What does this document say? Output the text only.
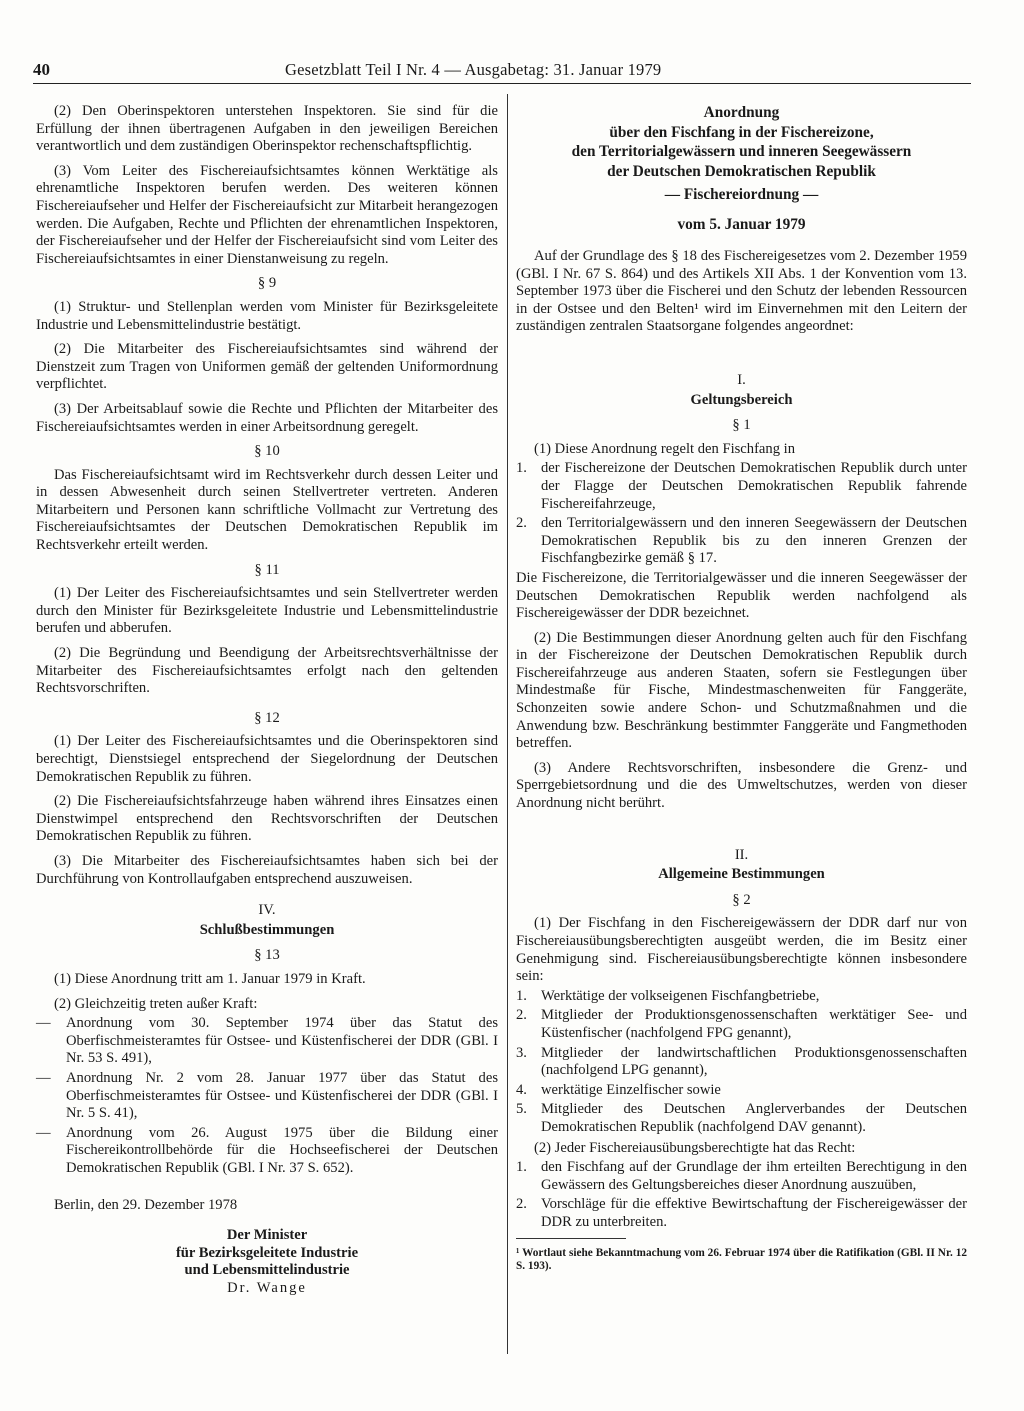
40	Gesetzblatt Teil I Nr. 4 — Ausgabetag: 31. Januar 1979

(2) Den Oberinspektoren unterstehen Inspektoren. Sie sind für die Erfüllung der ihnen übertragenen Aufgaben in den jeweiligen Bereichen verantwortlich und dem zuständigen Oberinspektor rechenschaftspflichtig.

(3) Vom Leiter des Fischereiaufsichtsamtes können Werktätige als ehrenamtliche Inspektoren berufen werden. Des weiteren können Fischereiaufseher und Helfer der Fischereiaufsicht zur Mitarbeit herangezogen werden. Die Aufgaben, Rechte und Pflichten der ehrenamtlichen Inspektoren, der Fischereiaufseher und der Helfer der Fischereiaufsicht sind vom Leiter des Fischereiaufsichtsamtes in einer Dienstanweisung zu regeln.

§ 9

(1) Struktur- und Stellenplan werden vom Minister für Bezirksgeleitete Industrie und Lebensmittelindustrie bestätigt.

(2) Die Mitarbeiter des Fischereiaufsichtsamtes sind während der Dienstzeit zum Tragen von Uniformen gemäß der geltenden Uniformordnung verpflichtet.

(3) Der Arbeitsablauf sowie die Rechte und Pflichten der Mitarbeiter des Fischereiaufsichtsamtes werden in einer Arbeitsordnung geregelt.

§ 10

Das Fischereiaufsichtsamt wird im Rechtsverkehr durch dessen Leiter und in dessen Abwesenheit durch seinen Stellvertreter vertreten. Anderen Mitarbeitern und Personen kann schriftliche Vollmacht zur Vertretung des Fischereiaufsichtsamtes der Deutschen Demokratischen Republik im Rechtsverkehr erteilt werden.

§ 11

(1) Der Leiter des Fischereiaufsichtsamtes und sein Stellvertreter werden durch den Minister für Bezirksgeleitete Industrie und Lebensmittelindustrie berufen und abberufen.

(2) Die Begründung und Beendigung der Arbeitsrechtsverhältnisse der Mitarbeiter des Fischereiaufsichtsamtes erfolgt nach den geltenden Rechtsvorschriften.

§ 12

(1) Der Leiter des Fischereiaufsichtsamtes und die Oberinspektoren sind berechtigt, Dienstsiegel entsprechend der Siegelordnung der Deutschen Demokratischen Republik zu führen.

(2) Die Fischereiaufsichtsfahrzeuge haben während ihres Einsatzes einen Dienstwimpel entsprechend den Rechtsvorschriften der Deutschen Demokratischen Republik zu führen.

(3) Die Mitarbeiter des Fischereiaufsichtsamtes haben sich bei der Durchführung von Kontrollaufgaben entsprechend auszuweisen.

IV.

Schlußbestimmungen

§ 13

(1) Diese Anordnung tritt am 1. Januar 1979 in Kraft.

(2) Gleichzeitig treten außer Kraft:

— Anordnung vom 30. September 1974 über das Statut des Oberfischmeisteramtes für Ostsee- und Küstenfischerei der DDR (GBl. I Nr. 53 S. 491),
— Anordnung Nr. 2 vom 28. Januar 1977 über das Statut des Oberfischmeisteramtes für Ostsee- und Küstenfischerei der DDR (GBl. I Nr. 5 S. 41),
— Anordnung vom 26. August 1975 über die Bildung einer Fischereikontrollbehörde für die Hochseefischerei der Deutschen Demokratischen Republik (GBl. I Nr. 37 S. 652).

Berlin, den 29. Dezember 1978

Der Minister

für Bezirksgeleitete Industrie

und Lebensmittelindustrie

Dr. Wange

Anordnung

über den Fischfang in der Fischereizone,

den Territorialgewässern und inneren Seegewässern

der Deutschen Demokratischen Republik

— Fischereiordnung —

vom 5. Januar 1979

Auf der Grundlage des § 18 des Fischereigesetzes vom 2. Dezember 1959 (GBl. I Nr. 67 S. 864) und des Artikels XII Abs. 1 der Konvention vom 13. September 1973 über die Fischerei und den Schutz der lebenden Ressourcen in der Ostsee und den Belten¹ wird im Einvernehmen mit den Leitern der zuständigen zentralen Staatsorgane folgendes angeordnet:

I.

Geltungsbereich

§ 1

(1) Diese Anordnung regelt den Fischfang in

1. der Fischereizone der Deutschen Demokratischen Republik durch unter der Flagge der Deutschen Demokratischen Republik fahrende Fischereifahrzeuge,
2. den Territorialgewässern und den inneren Seegewässern der Deutschen Demokratischen Republik bis zu den inneren Grenzen der Fischfangbezirke gemäß § 17.

Die Fischereizone, die Territorialgewässer und die inneren Seegewässer der Deutschen Demokratischen Republik werden nachfolgend als Fischereigewässer der DDR bezeichnet.

(2) Die Bestimmungen dieser Anordnung gelten auch für den Fischfang in der Fischereizone der Deutschen Demokratischen Republik durch Fischereifahrzeuge aus anderen Staaten, sofern sie Festlegungen über Mindestmaße für Fische, Mindestmaschenweiten für Fanggeräte, Schonzeiten sowie andere Schon- und Schutzmaßnahmen und die Anwendung bzw. Beschränkung bestimmter Fanggeräte und Fangmethoden betreffen.

(3) Andere Rechtsvorschriften, insbesondere die Grenz- und Sperrgebietsordnung und die des Umweltschutzes, werden von dieser Anordnung nicht berührt.

II.

Allgemeine Bestimmungen

§ 2

(1) Der Fischfang in den Fischereigewässern der DDR darf nur von Fischereiausübungsberechtigten ausgeübt werden, die im Besitz einer Genehmigung sind. Fischereiausübungsberechtigte können insbesondere sein:

1. Werktätige der volkseigenen Fischfangbetriebe,
2. Mitglieder der Produktionsgenossenschaften werktätiger See- und Küstenfischer (nachfolgend FPG genannt),
3. Mitglieder der landwirtschaftlichen Produktionsgenossenschaften (nachfolgend LPG genannt),
4. werktätige Einzelfischer sowie
5. Mitglieder des Deutschen Anglerverbandes der Deutschen Demokratischen Republik (nachfolgend DAV genannt).

(2) Jeder Fischereiausübungsberechtigte hat das Recht:

1. den Fischfang auf der Grundlage der ihm erteilten Berechtigung in den Gewässern des Geltungsbereiches dieser Anordnung auszuüben,
2. Vorschläge für die effektive Bewirtschaftung der Fischereigewässer der DDR zu unterbreiten.

¹ Wortlaut siehe Bekanntmachung vom 26. Februar 1974 über die Ratifikation (GBl. II Nr. 12 S. 193).
